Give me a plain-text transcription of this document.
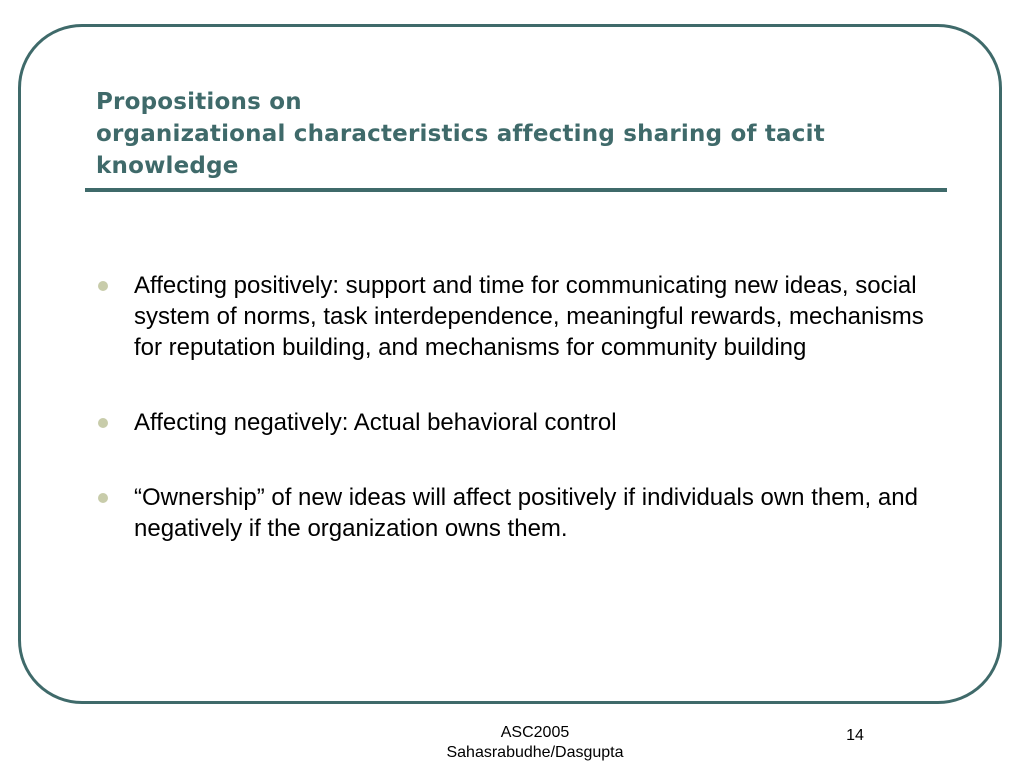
Propositions on
organizational characteristics affecting sharing of tacit
knowledge
Affecting positively: support and time for communicating new ideas, social system of norms, task interdependence, meaningful rewards, mechanisms for reputation building, and mechanisms for community building
Affecting negatively: Actual behavioral control
“Ownership” of new ideas will affect positively if individuals own them, and negatively if the organization owns them.
ASC2005
Sahasrabudhe/Dasgupta
14
